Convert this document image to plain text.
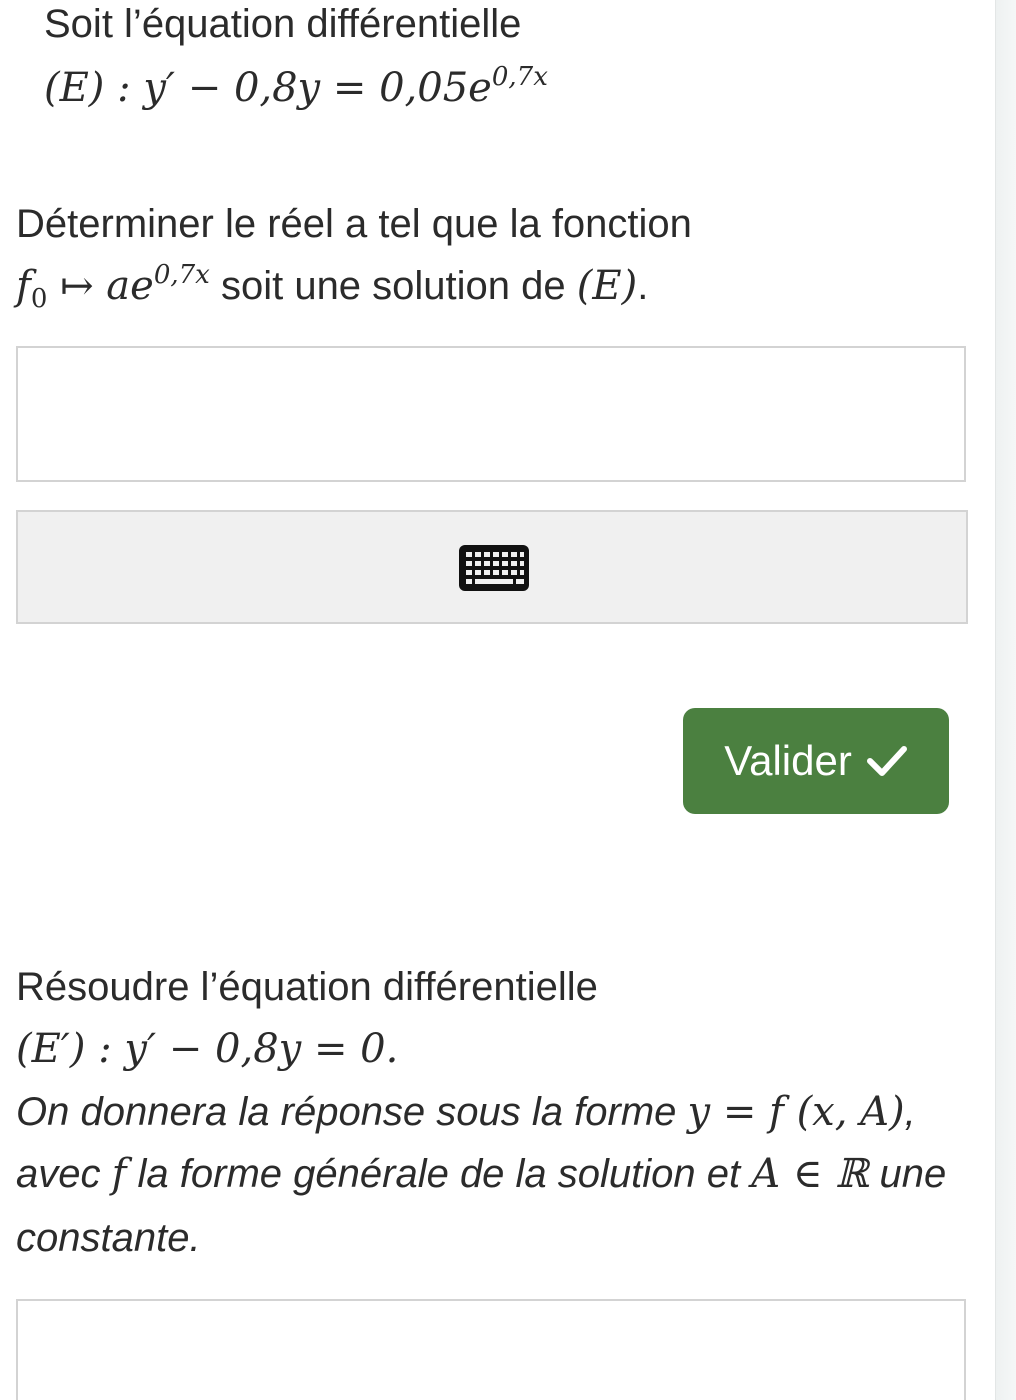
Soit l’équation différentielle
(E) : $y' - 0,8y = 0,05e^{0,7x}$
Déterminer le réel a tel que la fonction
$f_0$ ↦ $ae^{0,7x}$ soit une solution de (E).
Valider
Résoudre l’équation différentielle
(E′) : y′ − 0,8y = 0.
On donnera la réponse sous la forme y = f (x, A),
avec f la forme générale de la solution et A ∈ ℝ une
constante.
